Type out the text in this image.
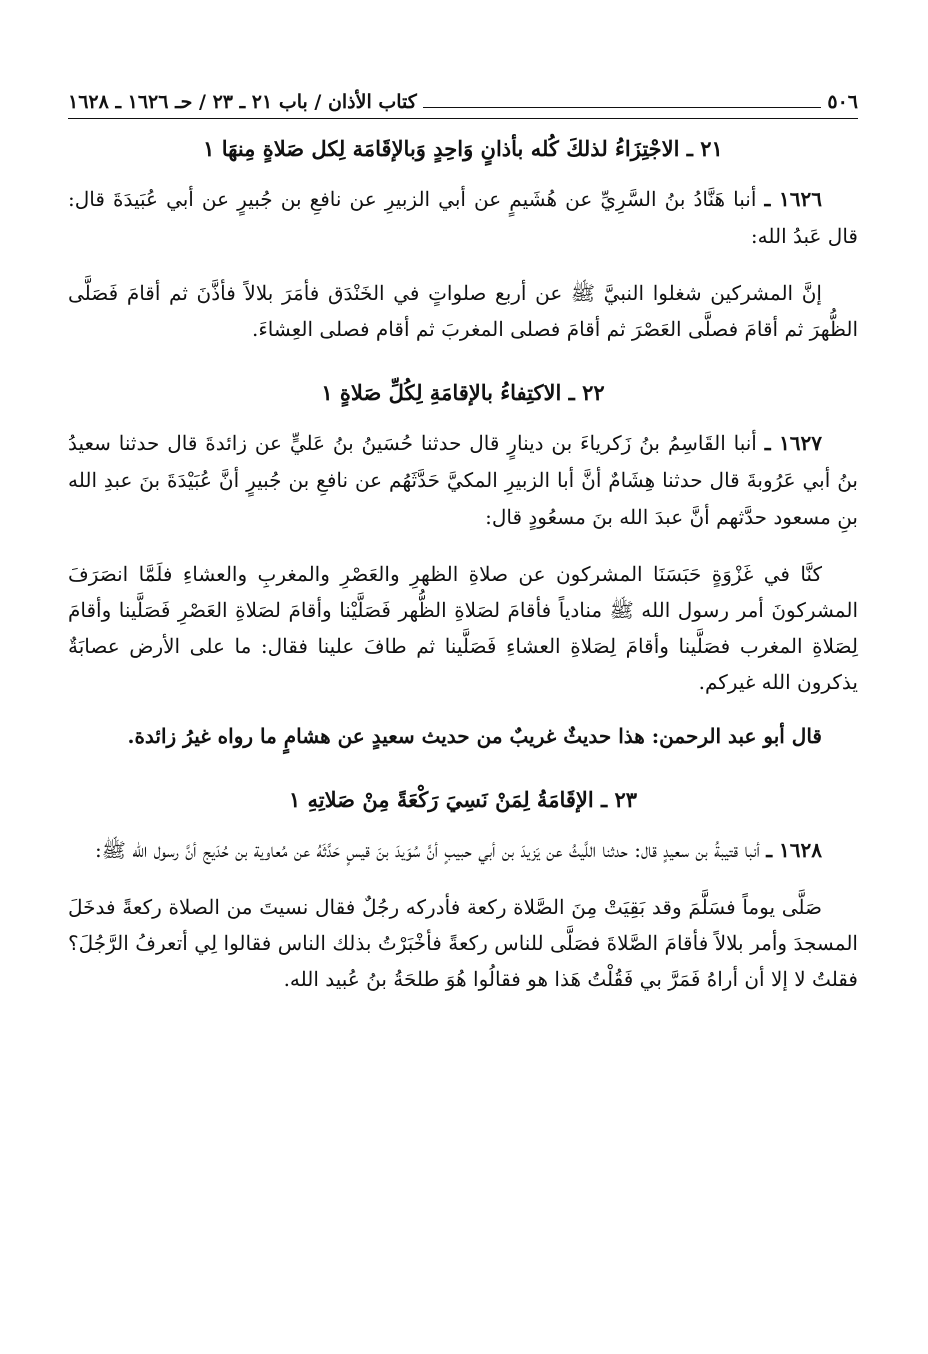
٥٠٦
كتاب الأذان / باب ٢١ ـ ٢٣ / حـ ١٦٢٦ ـ ١٦٢٨
٢١ ـ الاجْتِزَاءُ لذلكَ كُله بأذانٍ وَاحِدٍ وَبالإقَامَة لِكل صَلاةٍ مِنهَا ١

١٦٢٦ ـ أنبا هَنَّادُ بنُ السَّرِيِّ عن هُشَيمٍ عن أبي الزبيرِ عن نافعِ بن جُبيرٍ عن أبي عُبَيدَةَ قال: قال عَبدُ الله:

إنَّ المشركين شغلوا النبيَّ ﷺ عن أربع صلواتٍ في الخَنْدَق فأمَرَ بلالاً فأذَّنَ ثم أقامَ فَصَلَّى الظُّهرَ ثم أقامَ فصلَّى العَصْرَ ثم أقامَ فصلى المغربَ ثم أقام فصلى العِشاءَ.

٢٢ ـ الاكتِفاءُ بالإقامَةِ لِكُلِّ صَلاةٍ ١

١٦٢٧ ـ أنبا القَاسِمُ بنُ زَكرياءَ بن دينارٍ قال حدثنا حُسَينُ بنُ عَليٍّ عن زائدةَ قال حدثنا سعيدُ بنُ أبي عَرُوبةَ قال حدثنا هِشَامٌ أنَّ أبا الزبيرِ المكيَّ حَدَّثَهُم عن نافعِ بن جُبيرٍ أنَّ عُبَيْدَةَ بنَ عبدِ الله بنِ مسعود حدَّثهم أنَّ عبدَ الله بنَ مسعُودٍ قال:

كنَّا في غَزْوَةٍ حَبَسَنَا المشركون عن صلاةِ الظهرِ والعَصْرِ والمغربِ والعشاءِ فلَمَّا انصَرَفَ المشركونَ أمر رسول الله ﷺ منادياً فأقامَ لصَلاةِ الظُّهر فَصَلَّيْنا وأقامَ لصَلاةِ العَصْرِ فَصَلَّينا وأقامَ لِصَلاةِ المغرب فصَلَّينا وأقامَ لِصَلاةِ العشاءِ فَصَلَّينا ثم طافَ علينا فقال: ما على الأرض عصابَةٌ يذكرون الله غيركم.

قال أبو عبد الرحمن: هذا حديثٌ غريبٌ من حديث سعيدٍ عن هشامٍ ما رواه غيرُ زائدة.

٢٣ ـ الإقَامَةُ لِمَنْ نَسِيَ رَكْعَةً مِنْ صَلاتِهِ ١

١٦٢٨ ـ أنبا قتيبةُ بن سعيدٍ قال: حدثنا اللَّيثُ عن يَزيدَ بن أبي حبيبٍ أنَّ سُوَيدَ بنَ قيسٍ حَدَّثَهُ عن مُعاوية بن حُدَيج أنَّ رسول الله ﷺ:

صَلَّى يوماً فسَلَّمَ وقد بَقِيَتْ مِنَ الصَّلاة ركعة فأدركه رجُلٌ فقال نسيتَ من الصلاة ركعةً فدخَلَ المسجدَ وأمر بلالاً فأقامَ الصَّلاةَ فصَلَّى للناس ركعةً فأخْبَرْتُ بذلك الناس فقالوا لِي أتعرفُ الرَّجُلَ؟ فقلتُ لا إلا أن أراهُ فَمَرَّ بي فَقُلْتُ هَذا هو فقالُوا هُوَ طلحَةُ بنُ عُبيد الله.
